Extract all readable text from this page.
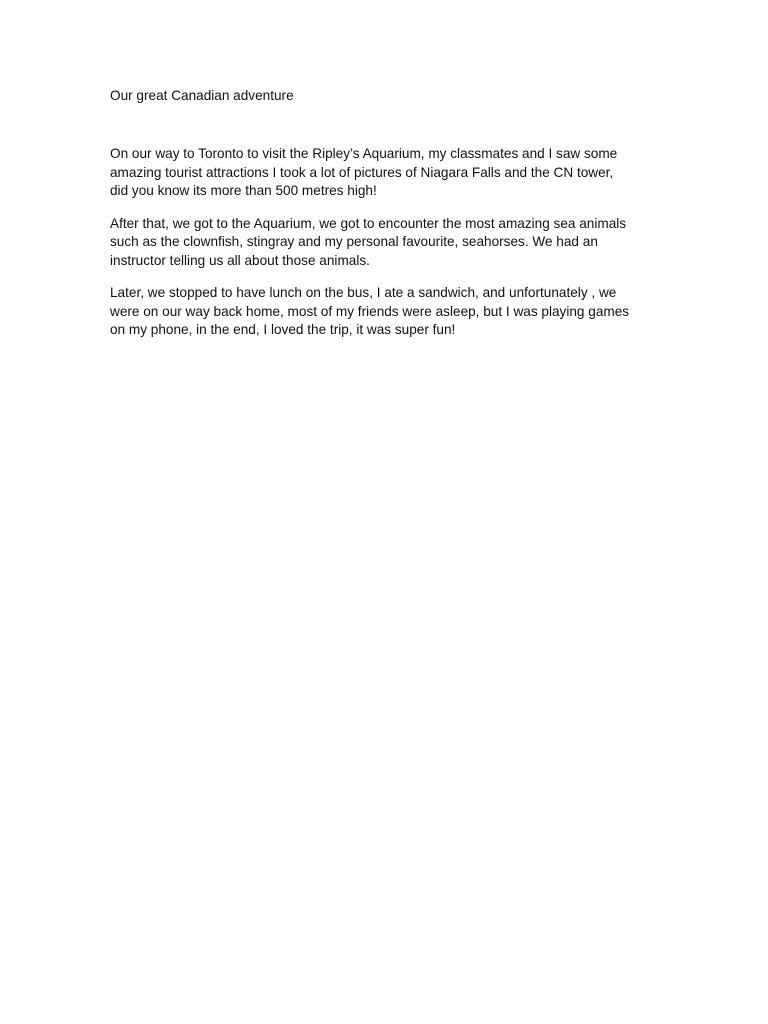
Our great Canadian adventure

On our way to Toronto to visit the Ripley’s Aquarium, my classmates and I saw some
amazing tourist attractions I took a lot of pictures of Niagara Falls and the CN tower,
did you know its more than 500 metres high!

After that, we got to the Aquarium, we got to encounter the most amazing sea animals
such as the clownfish, stingray and my personal favourite, seahorses. We had an
instructor telling us all about those animals.

Later, we stopped to have lunch on the bus, I ate a sandwich, and unfortunately , we
were on our way back home, most of my friends were asleep, but I was playing games
on my phone, in the end, I loved the trip, it was super fun!
